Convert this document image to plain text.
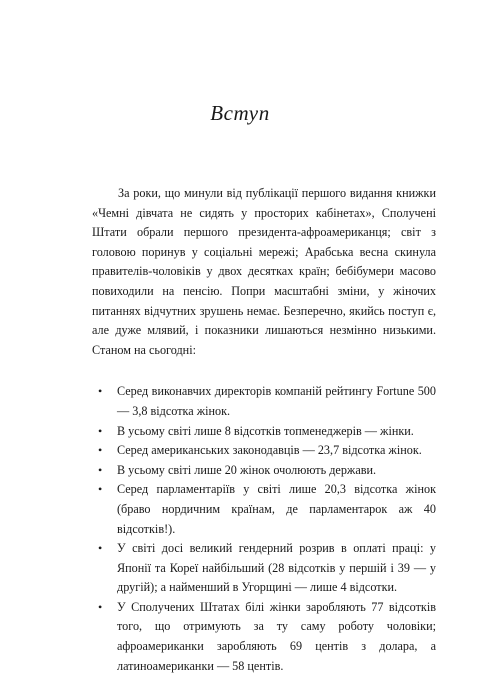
Вступ

За роки, що минули від публікації першого видання книжки «Чемні дівчата не сидять у просторих кабінетах», Сполучені Штати обрали першого президента-афроамериканця; світ з головою поринув у соціальні мережі; Арабська весна скинула правителів-чоловіків у двох десятках країн; бебібумери масово повиходили на пенсію. Попри масштабні зміни, у жіночих питаннях відчутних зрушень немає. Безперечно, якийсь поступ є, але дуже млявий, і показники лишаються незмінно низькими. Станом на сьогодні:

• Серед виконавчих директорів компаній рейтингу Fortune 500 — 3,8 відсотка жінок.
• В усьому світі лише 8 відсотків топменеджерів — жінки.
• Серед американських законодавців — 23,7 відсотка жінок.
• В усьому світі лише 20 жінок очолюють держави.
• Серед парламентаріїв у світі лише 20,3 відсотка жінок (браво нордичним країнам, де парламентарок аж 40 відсотків!).
• У світі досі великий гендерний розрив в оплаті праці: у Японії та Кореї найбільший (28 відсотків у першій і 39 — у другій); а найменший в Угорщині — лише 4 відсотки.
• У Сполучених Штатах білі жінки заробляють 77 відсотків того, що отримують за ту саму роботу чоловіки; афроамериканки заробляють 69 центів з долара, а латиноамериканки — 58 центів.
